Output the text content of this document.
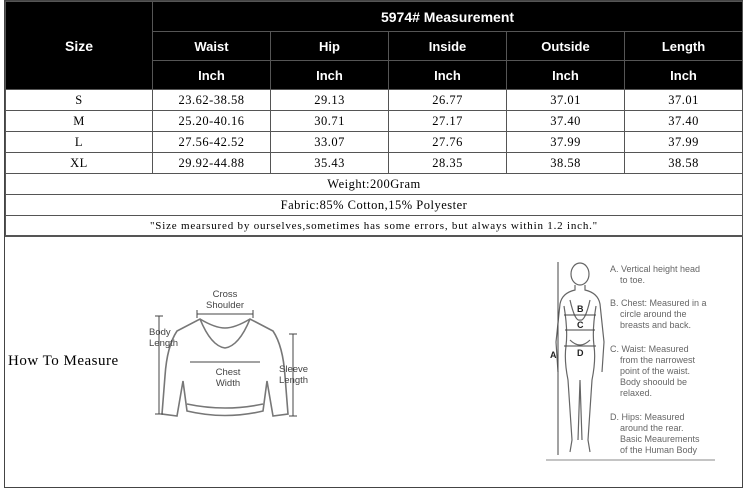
Size	5974# Measurement				
	Waist	Hip	Inside	Outside	Length
	Inch	Inch	Inch	Inch	Inch
S	23.62-38.58	29.13	26.77	37.01	37.01
M	25.20-40.16	30.71	27.17	37.40	37.40
L	27.56-42.52	33.07	27.76	37.99	37.99
XL	29.92-44.88	35.43	28.35	38.58	38.58
Weight:200Gram					
Fabric:85% Cotton,15% Polyester					
"Size mearsured by ourselves,sometimes has some errors, but always within 1.2 inch."					
How To Measure
Cross
Shoulder
Body
Length
Chest
Width
Sleeve
Length
A
B
C
D
A. Vertical height head
to toe.
B. Chest: Measured in a
circle around the
breasts and back.
C. Waist: Measured
from the narrowest
point of the waist.
Body shoould be
relaxed.
D. Hips: Measured
around the rear.
Basic Meaurements
of the Human Body
